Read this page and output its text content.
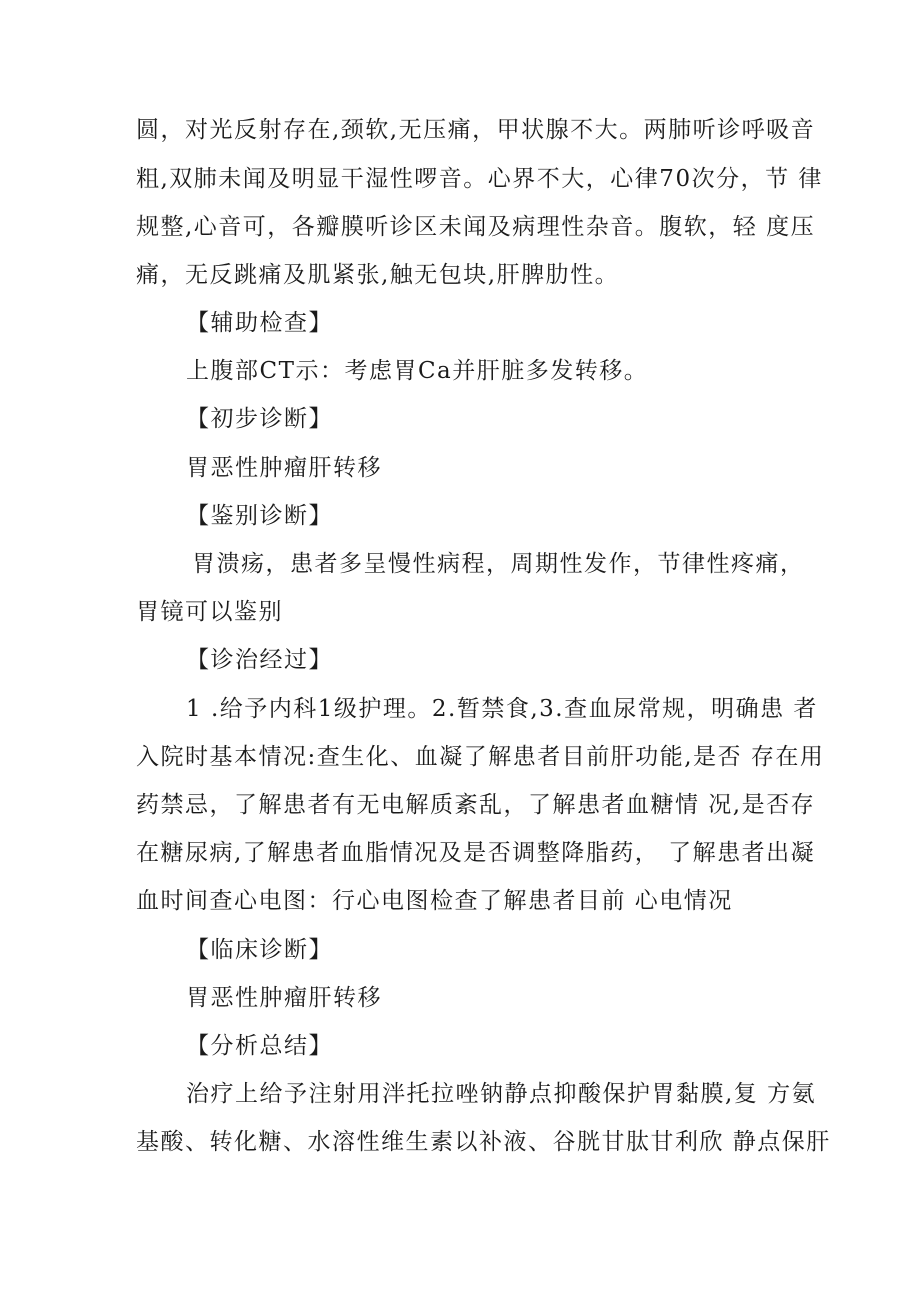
圆，对光反射存在,颈软,无压痛，甲状腺不大。两肺听诊呼吸音
粗,双肺未闻及明显干湿性啰音。心界不大，心律70次分，节 律
规整,心音可，各瓣膜听诊区未闻及病理性杂音。腹软，轻 度压
痛，无反跳痛及肌紧张,触无包块,肝脾肋性。
【辅助检查】
上腹部CT示：考虑胃Ca并肝脏多发转移。
【初步诊断】
胃恶性肿瘤肝转移
【鉴别诊断】
胃溃疡，患者多呈慢性病程，周期性发作，节律性疼痛，
胃镜可以鉴别
【诊治经过】
1 .给予内科1级护理。2.暂禁食,3.查血尿常规，明确患 者
入院时基本情况:查生化、血凝了解患者目前肝功能,是否 存在用
药禁忌，了解患者有无电解质紊乱，了解患者血糖情 况,是否存
在糖尿病,了解患者血脂情况及是否调整降脂药， 了解患者出凝
血时间查心电图：行心电图检查了解患者目前 心电情况
【临床诊断】
胃恶性肿瘤肝转移
【分析总结】
治疗上给予注射用泮托拉唑钠静点抑酸保护胃黏膜,复 方氨
基酸、转化糖、水溶性维生素以补液、谷胱甘肽甘利欣 静点保肝
